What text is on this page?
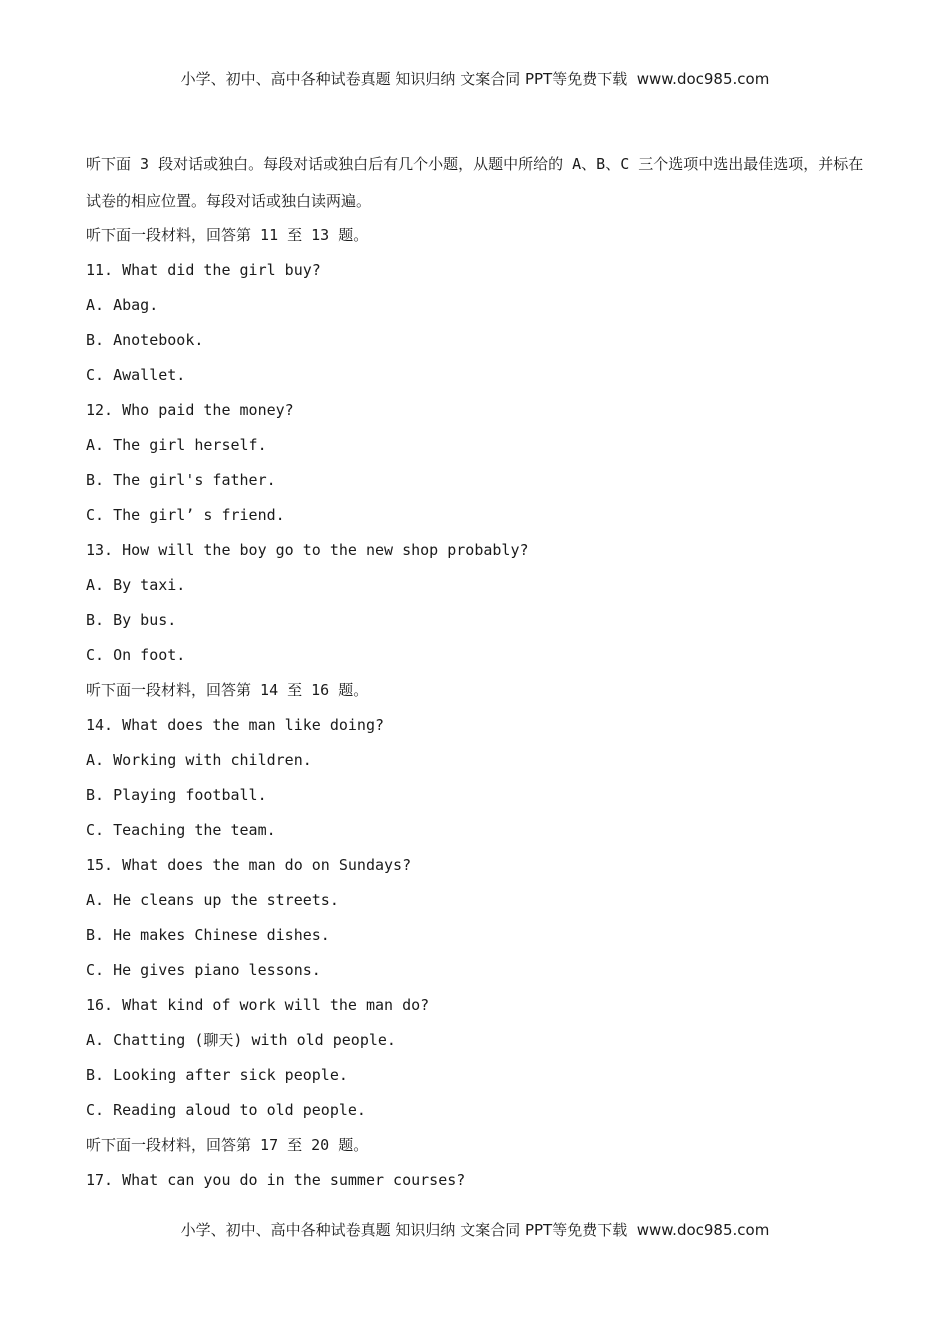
小学、初中、高中各种试卷真题 知识归纳 文案合同 PPT等免费下载  www.doc985.com

听下面 3 段对话或独白。每段对话或独白后有几个小题，从题中所给的 A、B、C 三个选项中选出最佳选项，并标在试卷的相应位置。每段对话或独白读两遍。

听下面一段材料，回答第 11 至 13 题。
11. What did the girl buy?
A. Abag.
B. Anotebook.
C. Awallet.
12. Who paid the money?
A. The girl herself.
B. The girl's father.
C. The girl’ s friend.
13. How will the boy go to the new shop probably?
A. By taxi.
B. By bus.
C. On foot.
听下面一段材料，回答第 14 至 16 题。
14. What does the man like doing?
A. Working with children.
B. Playing football.
C. Teaching the team.
15. What does the man do on Sundays?
A. He cleans up the streets.
B. He makes Chinese dishes.
C. He gives piano lessons.
16. What kind of work will the man do?
A. Chatting (聊天) with old people.
B. Looking after sick people.
C. Reading aloud to old people.
听下面一段材料，回答第 17 至 20 题。
17. What can you do in the summer courses?
小学、初中、高中各种试卷真题 知识归纳 文案合同 PPT等免费下载  www.doc985.com
